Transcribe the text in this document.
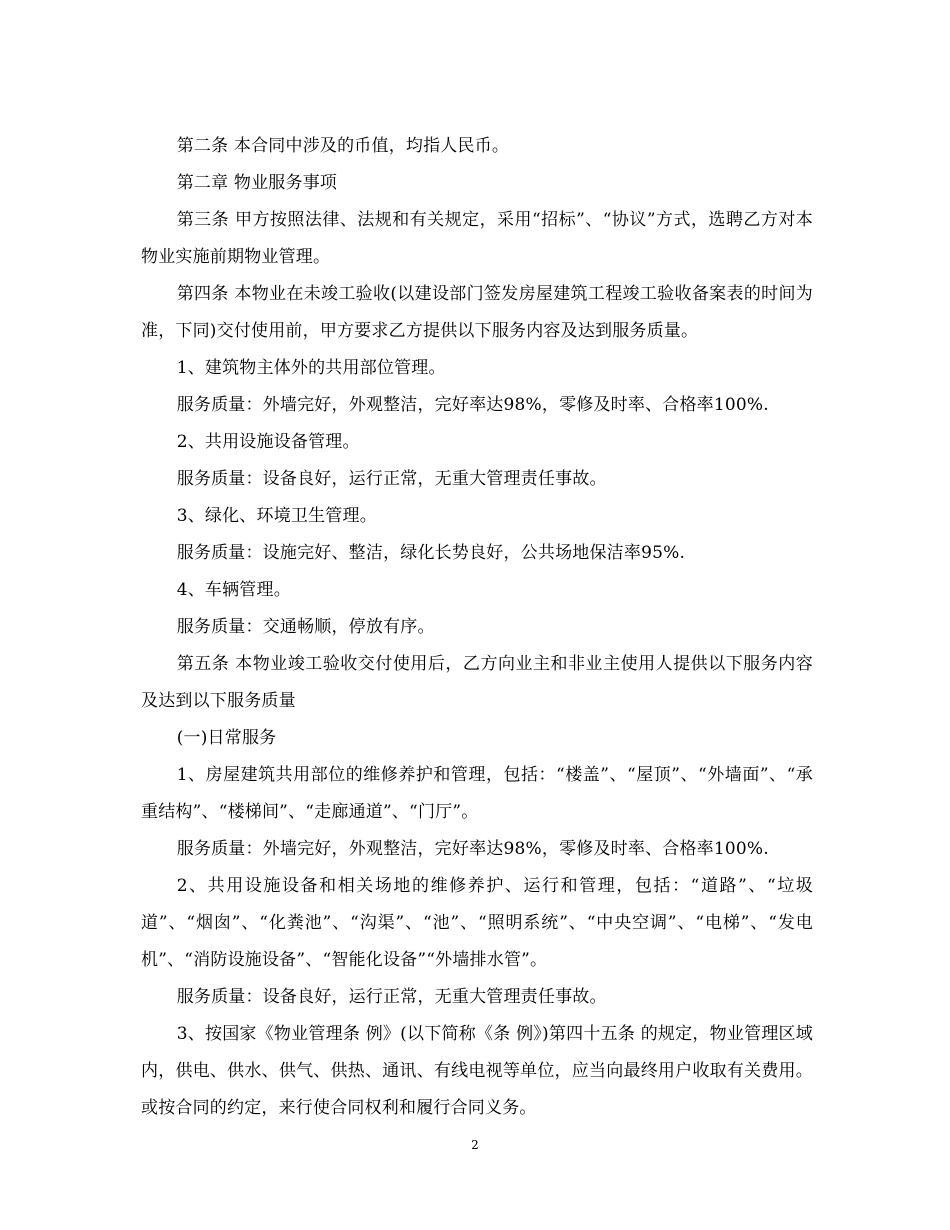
第二条 本合同中涉及的币值，均指人民币。

第二章 物业服务事项

第三条 甲方按照法律、法规和有关规定，采用“招标”、“协议”方式，选聘乙方对本物业实施前期物业管理。

第四条 本物业在未竣工验收(以建设部门签发房屋建筑工程竣工验收备案表的时间为准，下同)交付使用前，甲方要求乙方提供以下服务内容及达到服务质量。

1、建筑物主体外的共用部位管理。

服务质量：外墙完好，外观整洁，完好率达98%，零修及时率、合格率100%.

2、共用设施设备管理。

服务质量：设备良好，运行正常，无重大管理责任事故。

3、绿化、环境卫生管理。

服务质量：设施完好、整洁，绿化长势良好，公共场地保洁率95%.

4、车辆管理。

服务质量：交通畅顺，停放有序。

第五条 本物业竣工验收交付使用后，乙方向业主和非业主使用人提供以下服务内容及达到以下服务质量

(一)日常服务

1、房屋建筑共用部位的维修养护和管理，包括：“楼盖”、“屋顶”、“外墙面”、“承重结构”、“楼梯间”、“走廊通道”、“门厅”。

服务质量：外墙完好，外观整洁，完好率达98%，零修及时率、合格率100%.

2、共用设施设备和相关场地的维修养护、运行和管理，包括：“道路”、“垃圾道”、“烟囱”、“化粪池”、“沟渠”、“池”、“照明系统”、“中央空调”、“电梯”、“发电机”、“消防设施设备”、“智能化设备”“外墙排水管”。

服务质量：设备良好，运行正常，无重大管理责任事故。

3、按国家《物业管理条 例》(以下简称《条 例》)第四十五条 的规定，物业管理区域内，供电、供水、供气、供热、通讯、有线电视等单位，应当向最终用户收取有关费用。或按合同的约定，来行使合同权利和履行合同义务。

2
